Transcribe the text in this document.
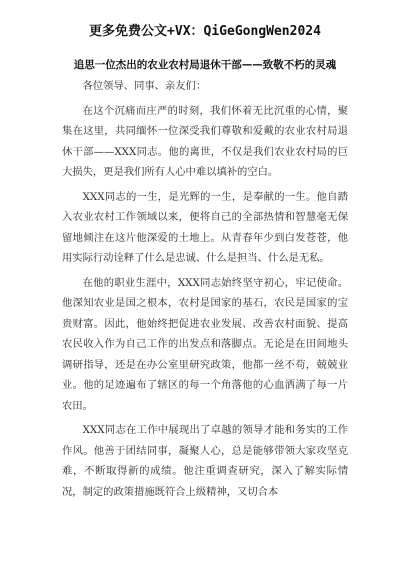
更多免费公文+VX：QiGeGongWen2024
追思一位杰出的农业农村局退休干部——致敬不朽的灵魂

各位领导、同事、亲友们：

在这个沉痛而庄严的时刻，我们怀着无比沉重的心情，聚集在这里，共同缅怀一位深受我们尊敬和爱戴的农业农村局退休干部——XXX同志。他的离世，不仅是我们农业农村局的巨大损失，更是我们所有人心中难以填补的空白。

XXX同志的一生，是光辉的一生，是奉献的一生。他自踏入农业农村工作领域以来，便将自己的全部热情和智慧毫无保留地倾注在这片他深爱的土地上。从青春年少到白发苍苍，他用实际行动诠释了什么是忠诚、什么是担当、什么是无私。

在他的职业生涯中，XXX同志始终坚守初心，牢记使命。他深知农业是国之根本，农村是国家的基石，农民是国家的宝贵财富。因此，他始终把促进农业发展、改善农村面貌、提高农民收入作为自己工作的出发点和落脚点。无论是在田间地头调研指导，还是在办公室里研究政策，他都一丝不苟，兢兢业业。他的足迹遍布了辖区的每一个角落他的心血洒满了每一片农田。

XXX同志在工作中展现出了卓越的领导才能和务实的工作作风。他善于团结同事，凝聚人心，总是能够带领大家攻坚克难，不断取得新的成绩。他注重调查研究，深入了解实际情况，制定的政策措施既符合上级精神，又切合本
